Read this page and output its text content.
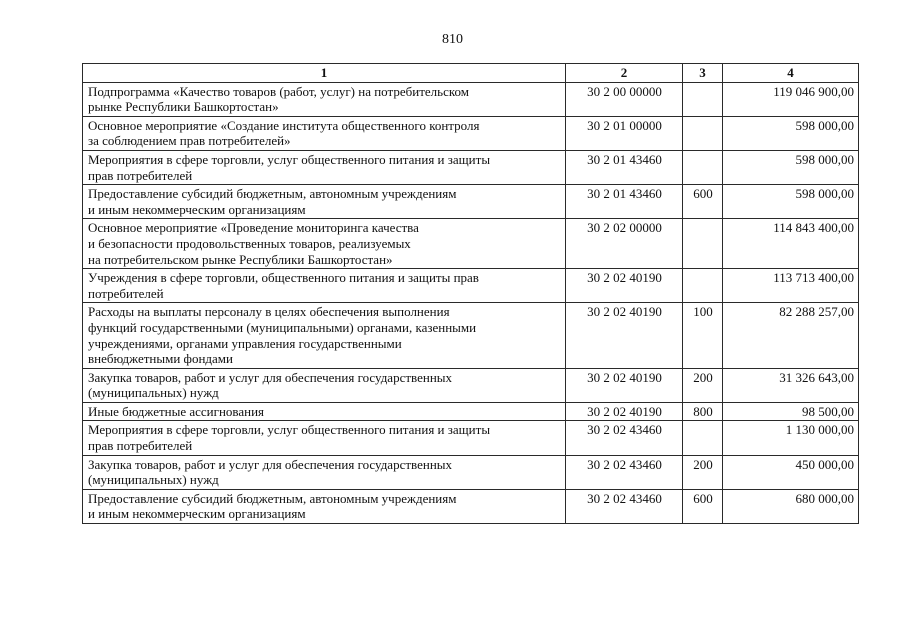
810
1	2	3	4
Подпрограмма «Качество товаров (работ, услуг) на потребительском
рынке Республики Башкортостан»	30 2 00 00000		119 046 900,00
Основное мероприятие «Создание института общественного контроля
за соблюдением прав потребителей»	30 2 01 00000		598 000,00
Мероприятия в сфере торговли, услуг общественного питания и защиты
прав потребителей	30 2 01 43460		598 000,00
Предоставление субсидий бюджетным, автономным учреждениям
и иным некоммерческим организациям	30 2 01 43460	600	598 000,00
Основное мероприятие «Проведение мониторинга качества
и безопасности продовольственных товаров, реализуемых
на потребительском рынке Республики Башкортостан»	30 2 02 00000		114 843 400,00
Учреждения в сфере торговли, общественного питания и защиты прав
потребителей	30 2 02 40190		113 713 400,00
Расходы на выплаты персоналу в целях обеспечения выполнения
функций государственными (муниципальными) органами, казенными
учреждениями, органами управления государственными
внебюджетными фондами	30 2 02 40190	100	82 288 257,00
Закупка товаров, работ и услуг для обеспечения государственных
(муниципальных) нужд	30 2 02 40190	200	31 326 643,00
Иные бюджетные ассигнования	30 2 02 40190	800	98 500,00
Мероприятия в сфере торговли, услуг общественного питания и защиты
прав потребителей	30 2 02 43460		1 130 000,00
Закупка товаров, работ и услуг для обеспечения государственных
(муниципальных) нужд	30 2 02 43460	200	450 000,00
Предоставление субсидий бюджетным, автономным учреждениям
и иным некоммерческим организациям	30 2 02 43460	600	680 000,00
